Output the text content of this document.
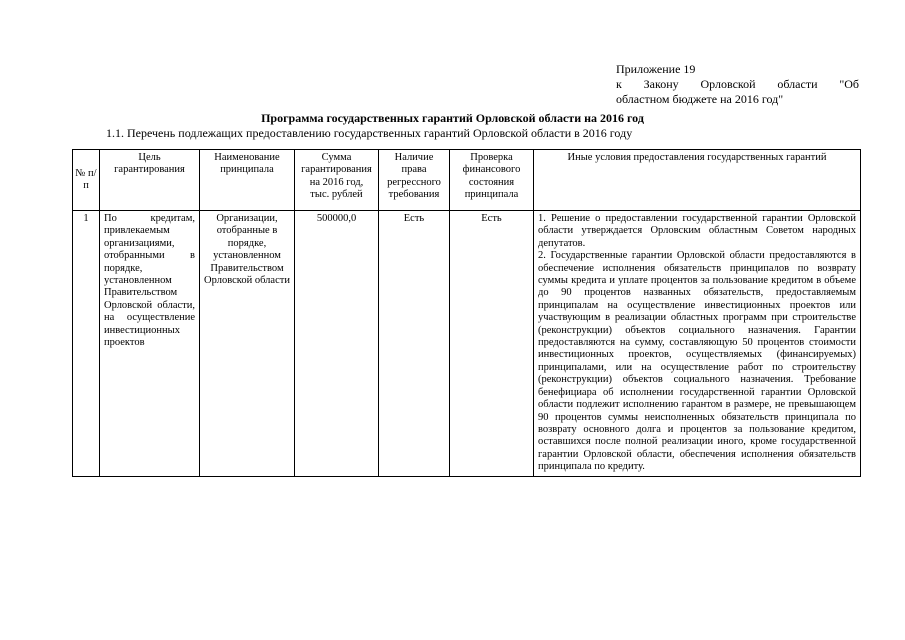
Приложение 19
к Закону Орловской области "Об
областном бюджете на 2016 год"
Программа государственных гарантий Орловской области на 2016 год
1.1. Перечень подлежащих предоставлению государственных гарантий Орловской области в 2016 году
№ п/п	Цель гарантирования	Наименование принципала	Сумма гарантирования на 2016 год, тыс. рублей	Наличие права регрессного требования	Проверка финансового состояния принципала	Иные условия предоставления государственных гарантий
1	По кредитам, привлекаемым организациями, отобранными в порядке, установленном Правительством Орловской области, на осуществление инвестиционных проектов	Организации, отобранные в порядке, установленном Правительством Орловской области	500000,0	Есть	Есть	1. Решение о предоставлении государственной гарантии Орловской области утверждается Орловским областным Советом народных депутатов.
2. Государственные гарантии Орловской области предоставляются в обеспечение исполнения обязательств принципалов по возврату суммы кредита и уплате процентов за пользование кредитом в объеме до 90 процентов названных обязательств, предоставляемым принципалам на осуществление инвестиционных проектов или участвующим в реализации областных программ при строительстве (реконструкции) объектов социального назначения. Гарантии предоставляются на сумму, составляющую 50 процентов стоимости инвестиционных проектов, осуществляемых (финансируемых) принципалами, или на осуществление работ по строительству (реконструкции) объектов социального назначения. Требование бенефициара об исполнении государственной гарантии Орловской области подлежит исполнению гарантом в размере, не превышающем 90 процентов суммы неисполненных обязательств принципала по возврату основного долга и процентов за пользование кредитом, оставшихся после полной реализации иного, кроме государственной гарантии Орловской области, обеспечения исполнения обязательств принципала по кредиту.
